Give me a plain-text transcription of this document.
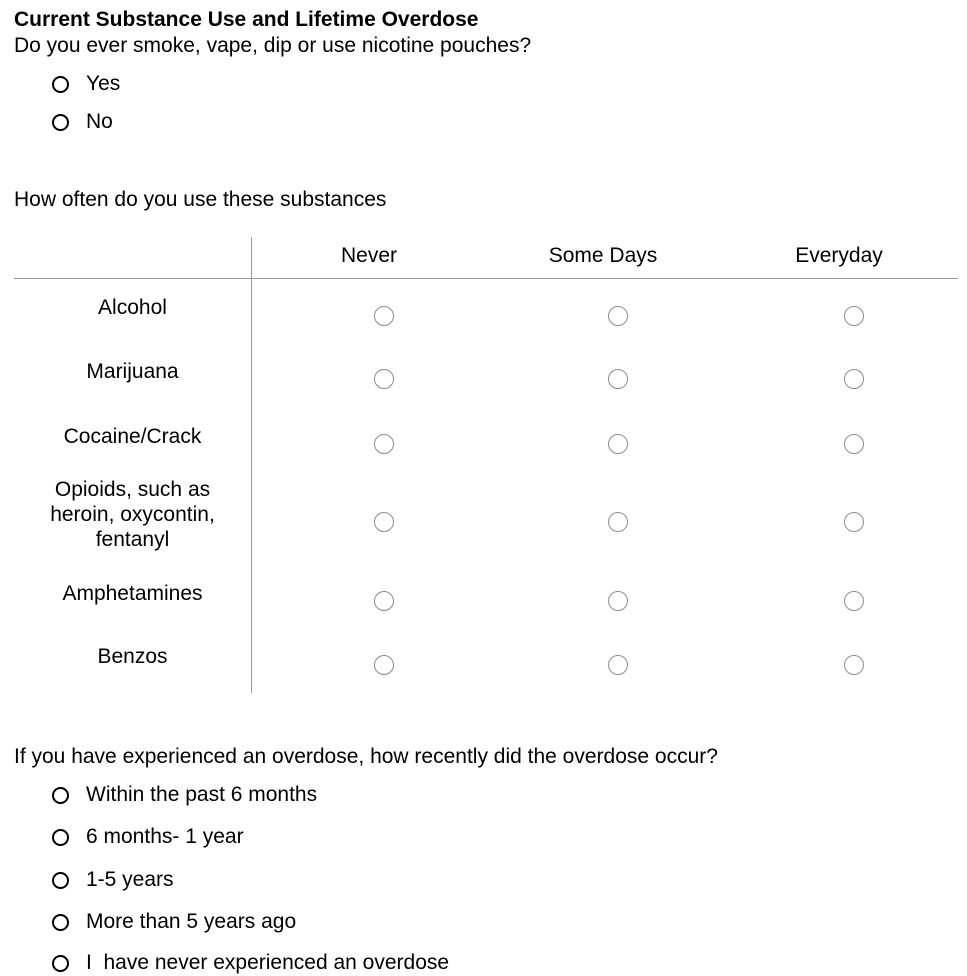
Current Substance Use and Lifetime Overdose

Do you ever smoke, vape, dip or use nicotine pouches?

Yes
No

How often do you use these substances

Never	Some Days	Everyday
Alcohol
Marijuana
Cocaine/Crack
Opioids, such as heroin, oxycontin, fentanyl
Amphetamines
Benzos

If you have experienced an overdose, how recently did the overdose occur?

Within the past 6 months
6 months- 1 year
1-5 years
More than 5 years ago
I  have never experienced an overdose
